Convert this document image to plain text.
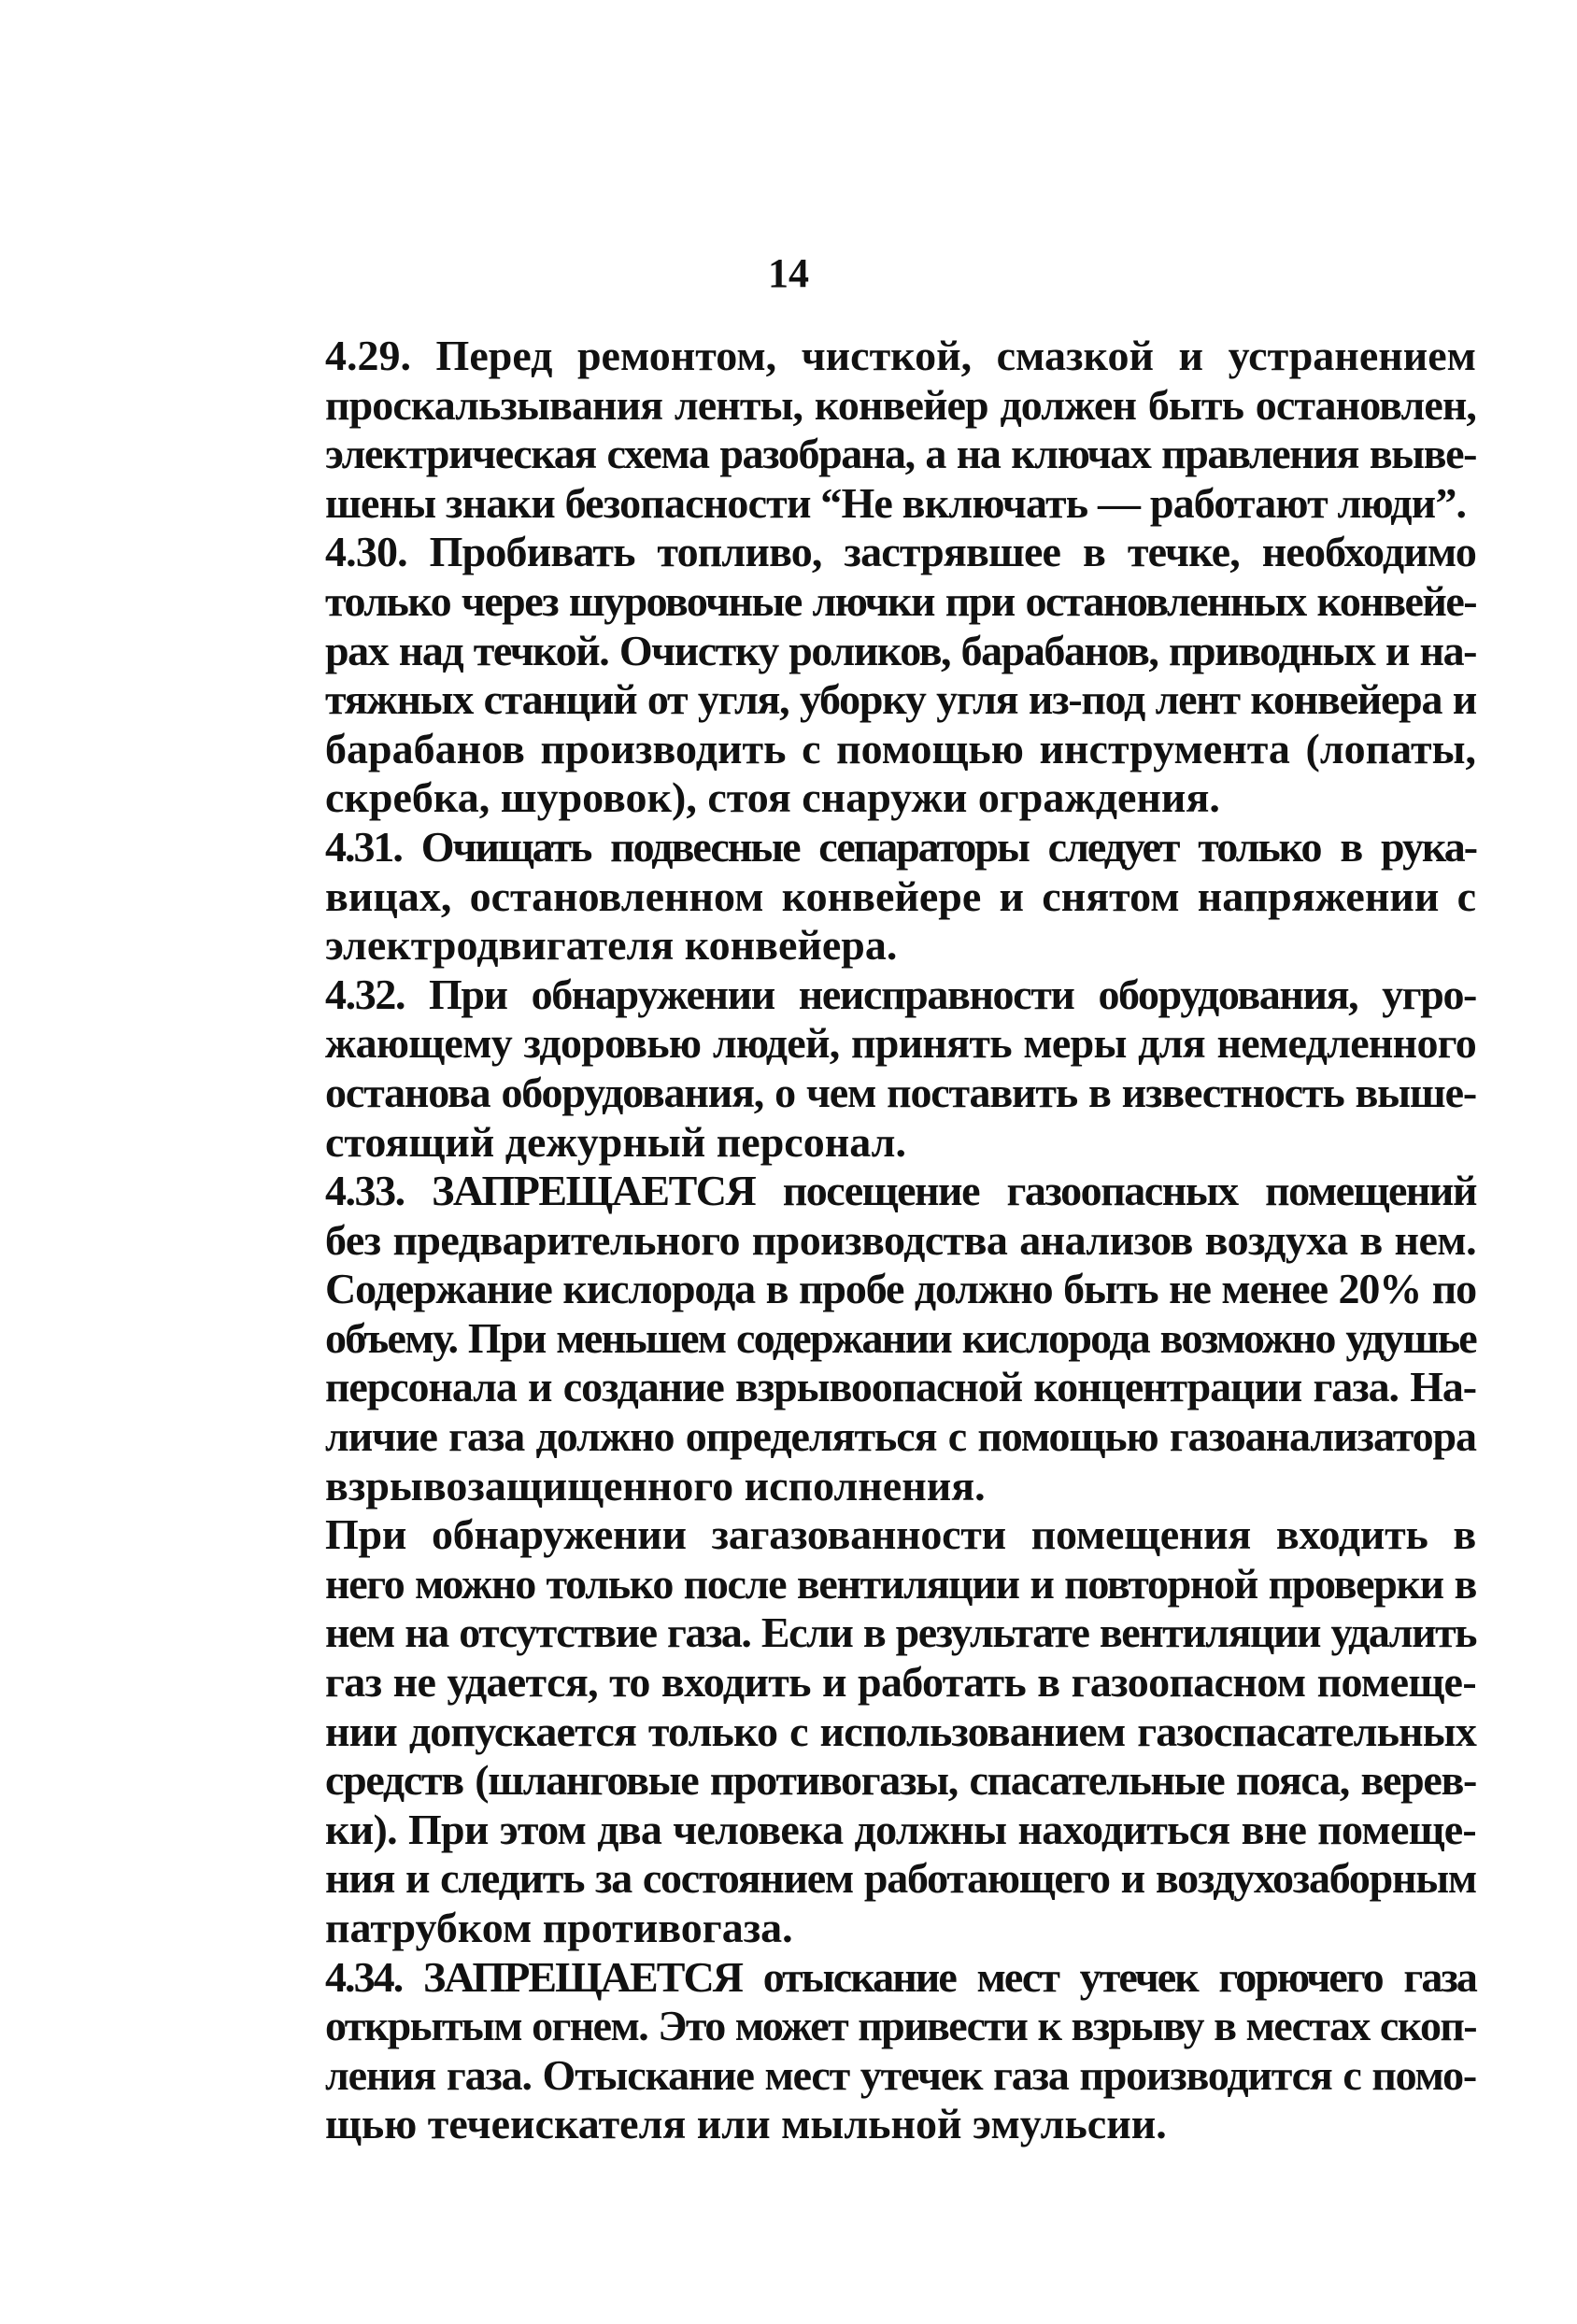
14
4.29. Перед ремонтом, чисткой, смазкой и устранением
проскальзывания ленты, конвейер должен быть остановлен,
электрическая схема разобрана, а на ключах правления выве-
шены знаки безопасности “Не включать — работают люди”.
4.30. Пробивать топливо, застрявшее в течке, необходимо
только через шуровочные лючки при остановленных конвейе-
рах над течкой. Очистку роликов, барабанов, приводных и на-
тяжных станций от угля, уборку угля из-под лент конвейера и
барабанов производить с помощью инструмента (лопаты,
скребка, шуровок), стоя снаружи ограждения.
4.31. Очищать подвесные сепараторы следует только в рука-
вицах, остановленном конвейере и снятом напряжении с
электродвигателя конвейера.
4.32. При обнаружении неисправности оборудования, угро-
жающему здоровью людей, принять меры для немедленного
останова оборудования, о чем поставить в известность выше-
стоящий дежурный персонал.
4.33. ЗАПРЕЩАЕТСЯ посещение газоопасных помещений
без предварительного производства анализов воздуха в нем.
Содержание кислорода в пробе должно быть не менее 20% по
объему. При меньшем содержании кислорода возможно удушье
персонала и создание взрывоопасной концентрации газа. На-
личие газа должно определяться с помощью газоанализатора
взрывозащищенного исполнения.
При обнаружении загазованности помещения входить в
него можно только после вентиляции и повторной проверки в
нем на отсутствие газа. Если в результате вентиляции удалить
газ не удается, то входить и работать в газоопасном помеще-
нии допускается только с использованием газоспасательных
средств (шланговые противогазы, спасательные пояса, верев-
ки). При этом два человека должны находиться вне помеще-
ния и следить за состоянием работающего и воздухозаборным
патрубком противогаза.
4.34. ЗАПРЕЩАЕТСЯ отыскание мест утечек горючего газа
открытым огнем. Это может привести к взрыву в местах скоп-
ления газа. Отыскание мест утечек газа производится с помо-
щью течеискателя или мыльной эмульсии.
